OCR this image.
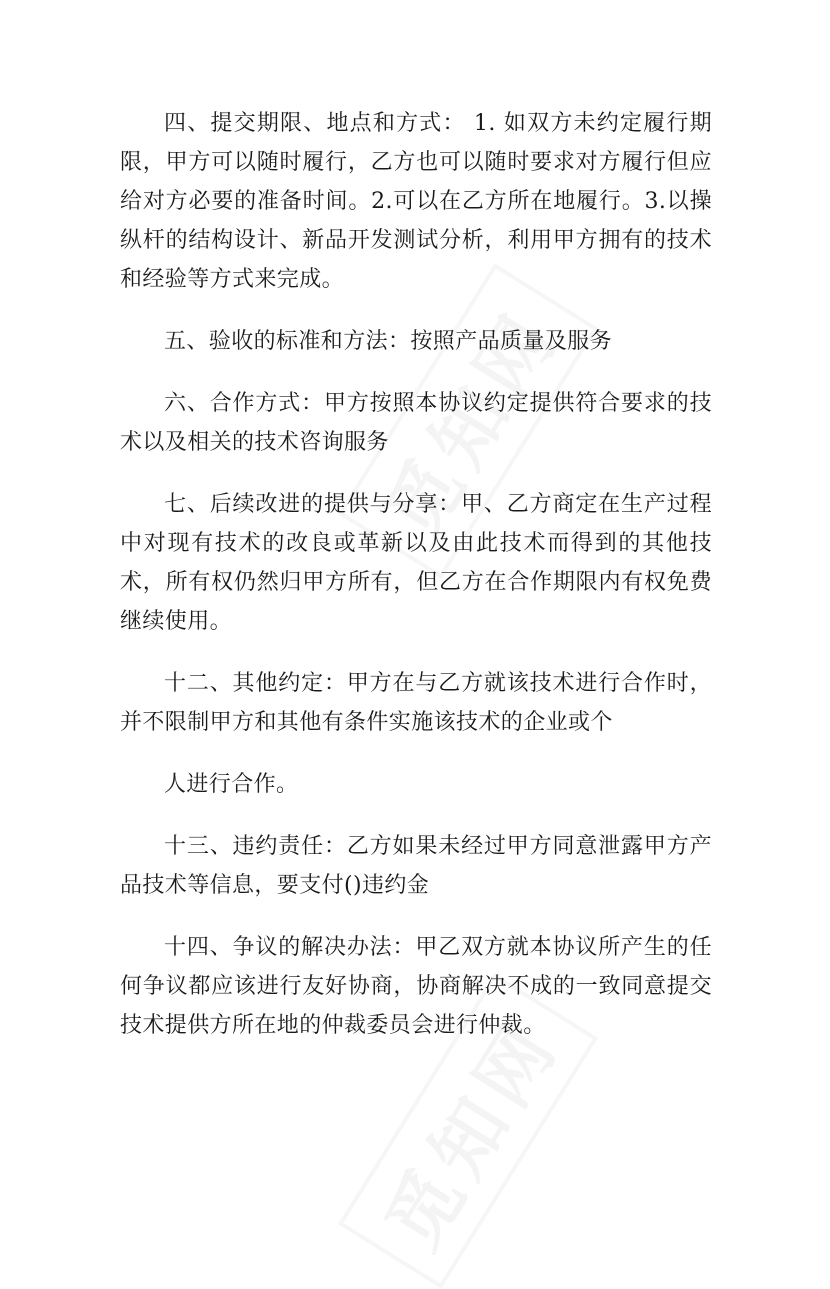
四、提交期限、地点和方式： 1. 如双方未约定履行期限，甲方可以随时履行，乙方也可以随时要求对方履行但应给对方必要的准备时间。2.可以在乙方所在地履行。3.以操纵杆的结构设计、新品开发测试分析，利用甲方拥有的技术和经验等方式来完成。

五、验收的标准和方法：按照产品质量及服务

六、合作方式：甲方按照本协议约定提供符合要求的技术以及相关的技术咨询服务

七、后续改进的提供与分享：甲、乙方商定在生产过程中对现有技术的改良或革新以及由此技术而得到的其他技术，所有权仍然归甲方所有，但乙方在合作期限内有权免费继续使用。

十二、其他约定：甲方在与乙方就该技术进行合作时，并不限制甲方和其他有条件实施该技术的企业或个

人进行合作。

十三、违约责任：乙方如果未经过甲方同意泄露甲方产品技术等信息，要支付()违约金

十四、争议的解决办法：甲乙双方就本协议所产生的任何争议都应该进行友好协商，协商解决不成的一致同意提交技术提供方所在地的仲裁委员会进行仲裁。
